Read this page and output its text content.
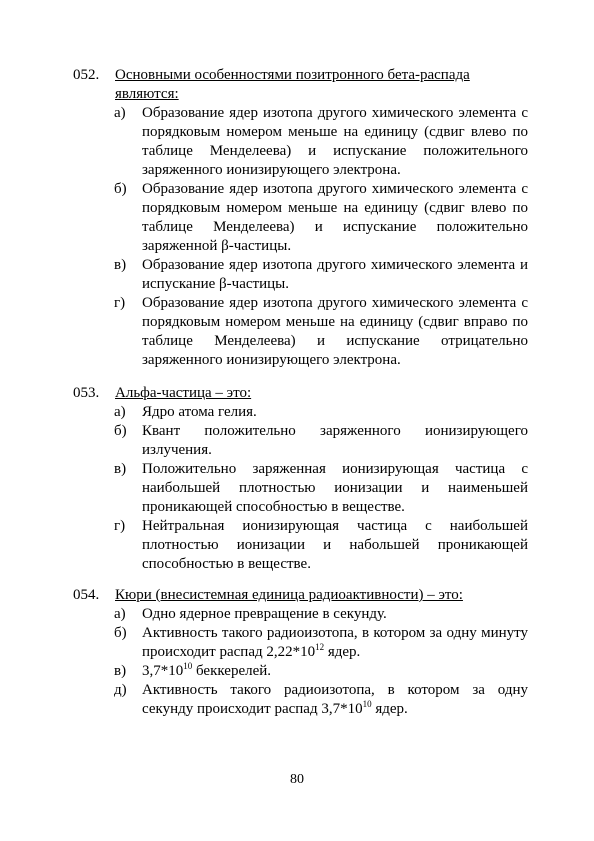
052. Основными особенностями позитронного бета-распада являются:
а) Образование ядер изотопа другого химического элемента с порядковым номером меньше на единицу (сдвиг влево по таблице Менделеева) и испускание положительного заряженного ионизирующего электрона.
б) Образование ядер изотопа другого химического элемента с порядковым номером меньше на единицу (сдвиг влево по таблице Менделеева) и испускание положительно заряженной β-частицы.
в) Образование ядер изотопа другого химического элемента и испускание β-частицы.
г) Образование ядер изотопа другого химического элемента с порядковым номером меньше на единицу (сдвиг вправо по таблице Менделеева) и испускание отрицательно заряженного ионизирующего электрона.
053. Альфа-частица – это:
а) Ядро атома гелия.
б) Квант положительно заряженного ионизирующего излучения.
в) Положительно заряженная ионизирующая частица с наибольшей плотностью ионизации и наименьшей проникающей способностью в веществе.
г) Нейтральная ионизирующая частица с наибольшей плотностью ионизации и набольшей проникающей способностью в веществе.
054. Кюри (внесистемная единица радиоактивности) – это:
а) Одно ядерное превращение в секунду.
б) Активность такого радиоизотопа, в котором за одну минуту происходит распад $2,22*10^{12}$ ядер.
в) $3,7*10^{10}$ беккерелей.
д) Активность такого радиоизотопа, в котором за одну секунду происходит распад $3,7*10^{10}$ ядер.
80
